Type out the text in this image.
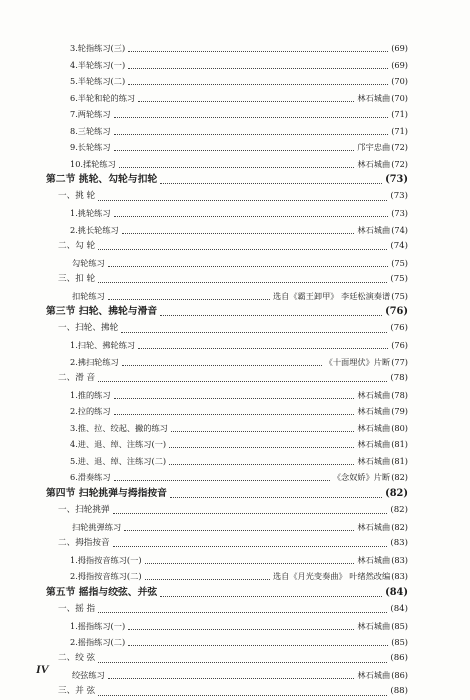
3.轮指练习(三)	(69)
4.半轮练习(一)	(69)
5.半轮练习(二)	(70)
6.半轮和轮的练习	林石城曲 (70)
7.两轮练习	(71)
8.三轮练习	(71)
9.长轮练习	邝宇忠曲 (72)
10.揉轮练习	林石城曲 (72)
第二节 挑轮、勾轮与扣轮	(73)
一、挑 轮	(73)
1.挑轮练习	(73)
2.挑长轮练习	林石城曲 (74)
二、勾 轮	(74)
勾轮练习	(75)
三、扣 轮	(75)
扣轮练习	选自《霸王卸甲》 李廷松演奏谱 (75)
第三节 扫轮、拂轮与滑音	(76)
一、扫轮、拂轮	(76)
1.扫轮、拂轮练习	(76)
2.拂扫轮练习	《十面埋伏》片断 (77)
二、滑 音	(78)
1.推的练习	林石城曲 (78)
2.拉的练习	林石城曲 (79)
3.推、拉、绞起、撇的练习	林石城曲 (80)
4.进、退、绰、注练习(一)	林石城曲 (81)
5.进、退、绰、注练习(二)	林石城曲 (81)
6.滑奏练习	《念奴娇》片断 (82)
第四节 扫轮挑弹与拇指按音	(82)
一、扫轮挑弹	(82)
扫轮挑弹练习	林石城曲 (82)
二、拇指按音	(83)
1.拇指按音练习(一)	林石城曲 (83)
2.拇指按音练习(二)	选自《月光变奏曲》 叶绪然改编 (83)
第五节 摇指与绞弦、并弦	(84)
一、摇 指	(84)
1.摇指练习(一)	林石城曲 (85)
2.摇指练习(二)	(85)
二、绞 弦	(86)
绞弦练习	林石城曲 (86)
三、并 弦	(88)
IV
